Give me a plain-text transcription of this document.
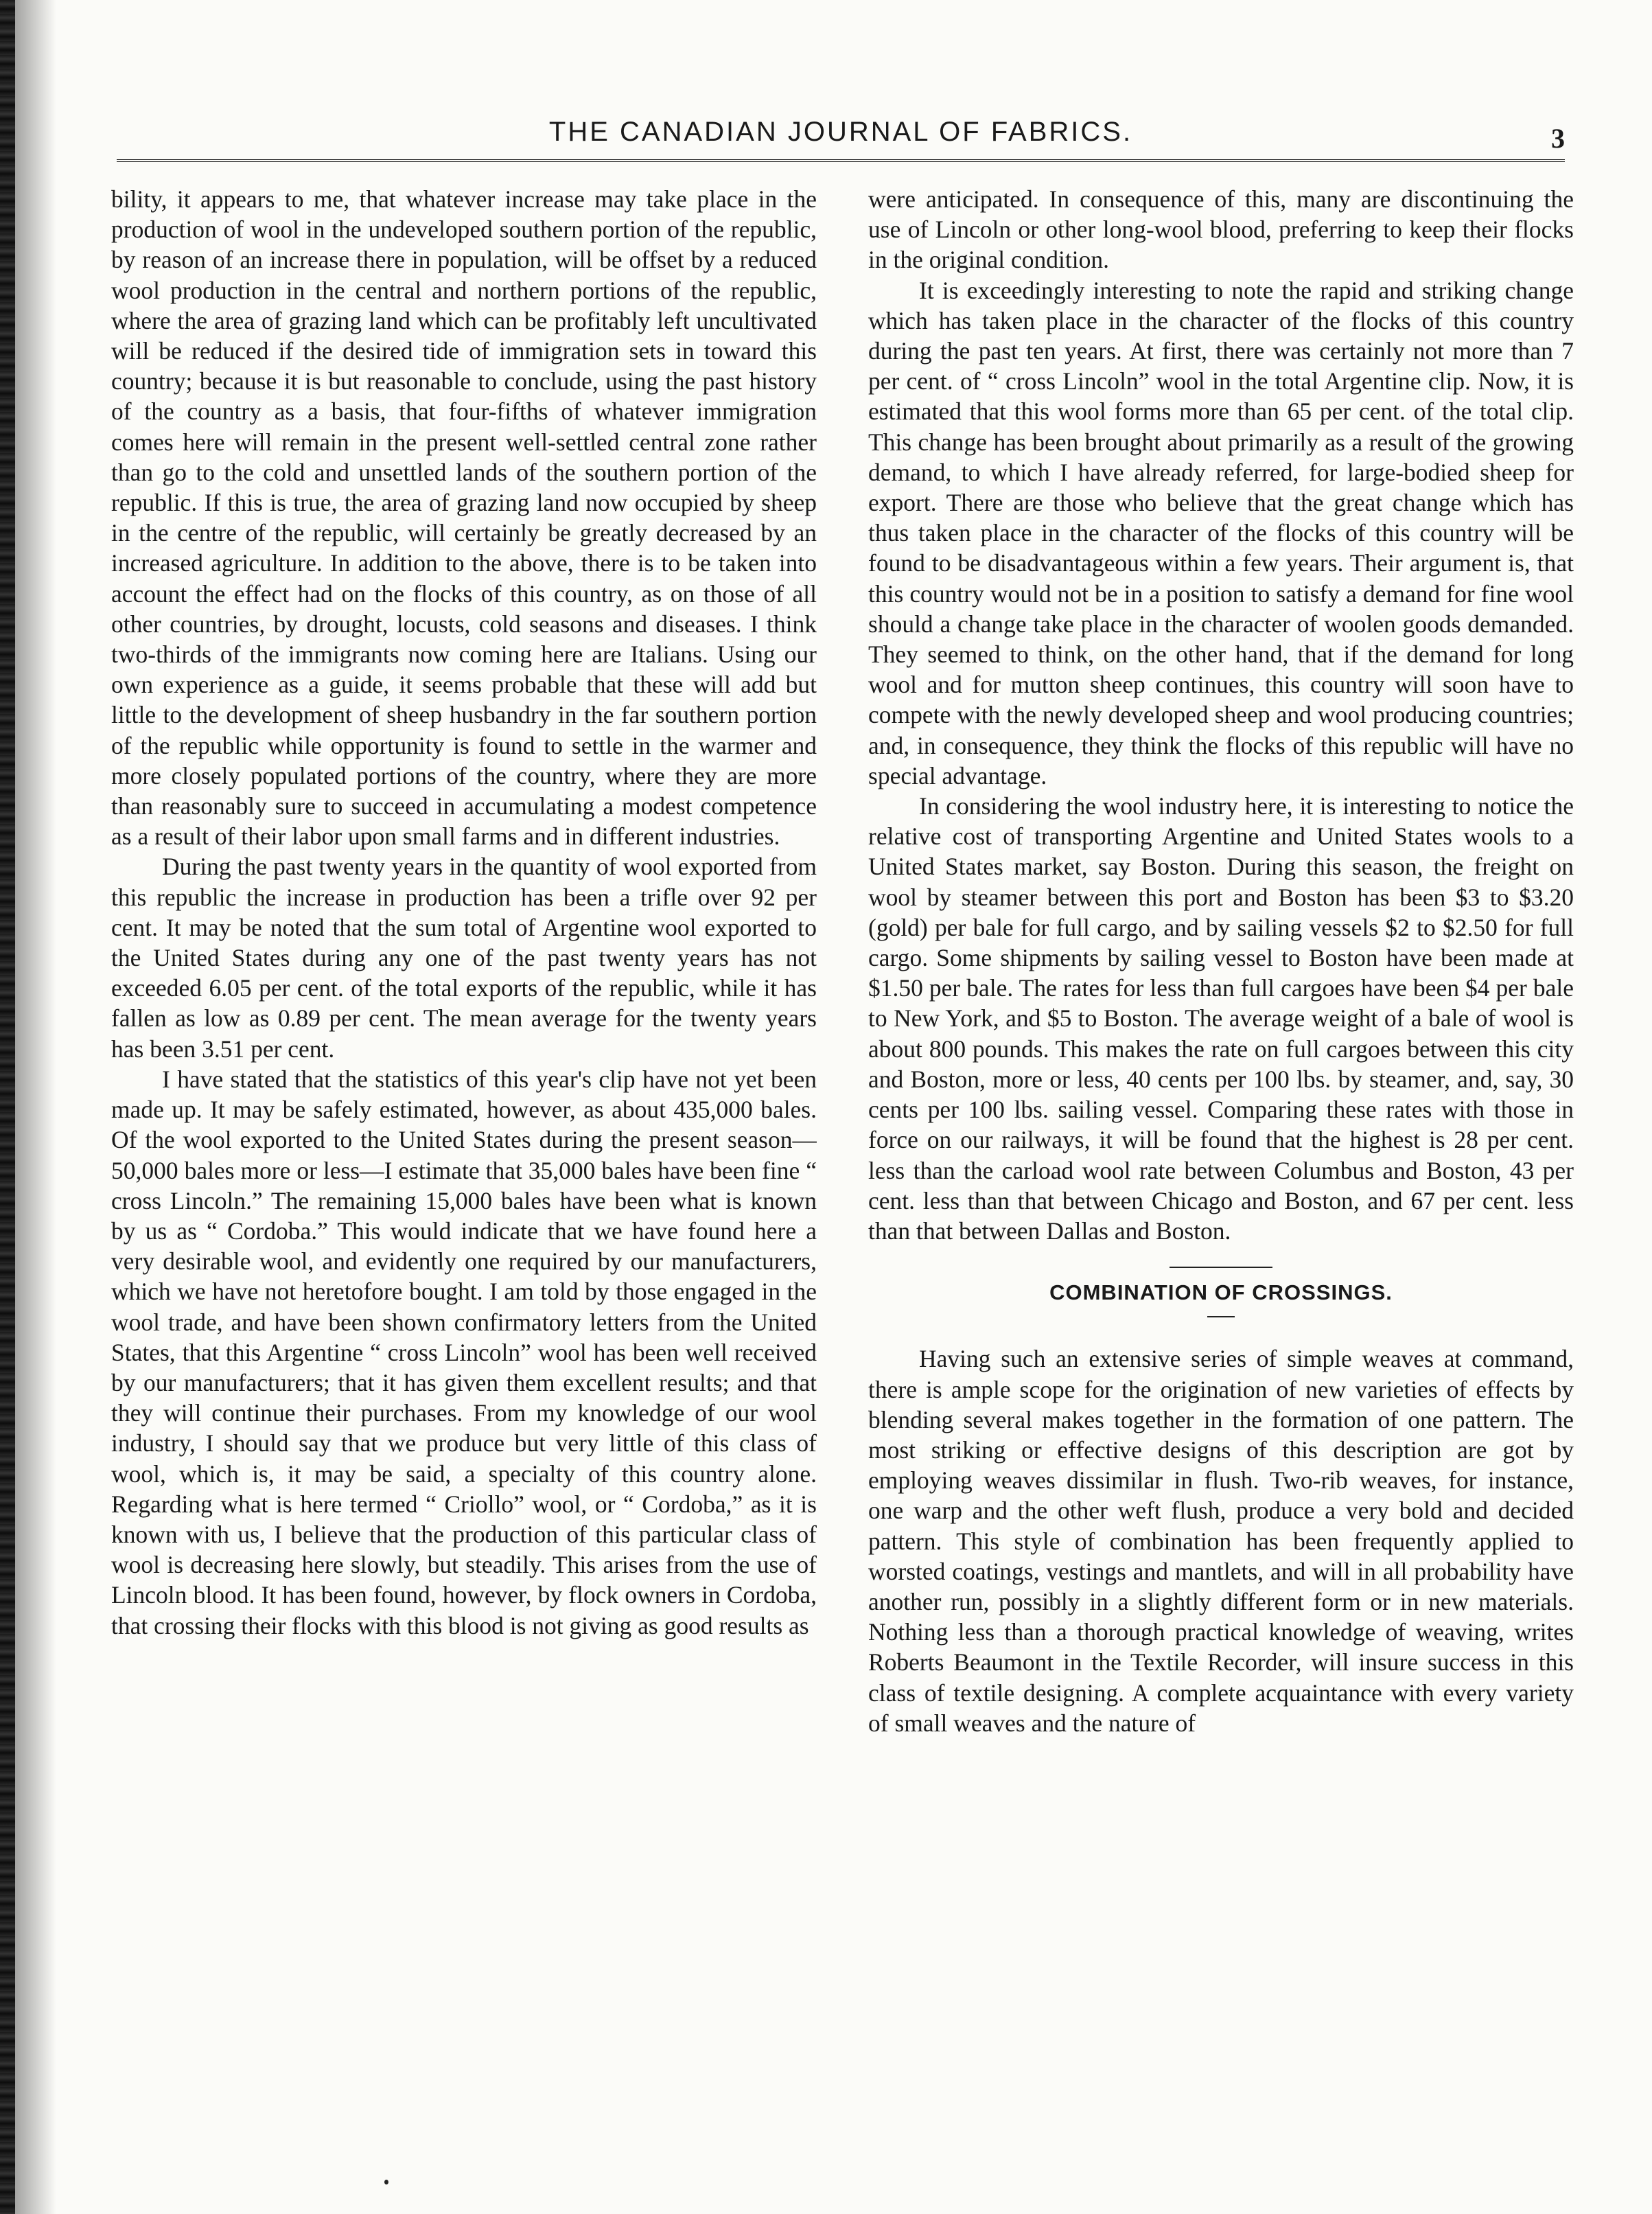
THE CANADIAN JOURNAL OF FABRICS.	3

bility, it appears to me, that whatever increase may take place in the production of wool in the undeveloped southern portion of the republic, by reason of an increase there in population, will be offset by a reduced wool production in the central and northern portions of the republic, where the area of grazing land which can be profitably left uncultivated will be reduced if the desired tide of immigration sets in toward this country; because it is but reasonable to conclude, using the past history of the country as a basis, that four-fifths of whatever immigration comes here will remain in the present well-settled central zone rather than go to the cold and unsettled lands of the southern portion of the republic. If this is true, the area of grazing land now occupied by sheep in the centre of the republic, will certainly be greatly decreased by an increased agriculture. In addition to the above, there is to be taken into account the effect had on the flocks of this country, as on those of all other countries, by drought, locusts, cold seasons and diseases. I think two-thirds of the immigrants now coming here are Italians. Using our own experience as a guide, it seems probable that these will add but little to the development of sheep husbandry in the far southern portion of the republic while opportunity is found to settle in the warmer and more closely populated portions of the country, where they are more than reasonably sure to succeed in accumulating a modest competence as a result of their labor upon small farms and in different industries.

During the past twenty years in the quantity of wool exported from this republic the increase in production has been a trifle over 92 per cent. It may be noted that the sum total of Argentine wool exported to the United States during any one of the past twenty years has not exceeded 6.05 per cent. of the total exports of the republic, while it has fallen as low as 0.89 per cent. The mean average for the twenty years has been 3.51 per cent.

I have stated that the statistics of this year's clip have not yet been made up. It may be safely estimated, however, as about 435,000 bales. Of the wool exported to the United States during the present season—50,000 bales more or less—I estimate that 35,000 bales have been fine “ cross Lincoln.” The remaining 15,000 bales have been what is known by us as “ Cordoba.” This would indicate that we have found here a very desirable wool, and evidently one required by our manufacturers, which we have not heretofore bought. I am told by those engaged in the wool trade, and have been shown confirmatory letters from the United States, that this Argentine “ cross Lincoln” wool has been well received by our manufacturers; that it has given them excellent results; and that they will continue their purchases. From my knowledge of our wool industry, I should say that we produce but very little of this class of wool, which is, it may be said, a specialty of this country alone. Regarding what is here termed “ Criollo” wool, or “ Cordoba,” as it is known with us, I believe that the production of this particular class of wool is decreasing here slowly, but steadily. This arises from the use of Lincoln blood. It has been found, however, by flock owners in Cordoba, that crossing their flocks with this blood is not giving as good results as

were anticipated. In consequence of this, many are discontinuing the use of Lincoln or other long-wool blood, preferring to keep their flocks in the original condition.

It is exceedingly interesting to note the rapid and striking change which has taken place in the character of the flocks of this country during the past ten years. At first, there was certainly not more than 7 per cent. of “ cross Lincoln” wool in the total Argentine clip. Now, it is estimated that this wool forms more than 65 per cent. of the total clip. This change has been brought about primarily as a result of the growing demand, to which I have already referred, for large-bodied sheep for export. There are those who believe that the great change which has thus taken place in the character of the flocks of this country will be found to be disadvantageous within a few years. Their argument is, that this country would not be in a position to satisfy a demand for fine wool should a change take place in the character of woolen goods demanded. They seemed to think, on the other hand, that if the demand for long wool and for mutton sheep continues, this country will soon have to compete with the newly developed sheep and wool producing countries; and, in consequence, they think the flocks of this republic will have no special advantage.

In considering the wool industry here, it is interesting to notice the relative cost of transporting Argentine and United States wools to a United States market, say Boston. During this season, the freight on wool by steamer between this port and Boston has been $3 to $3.20 (gold) per bale for full cargo, and by sailing vessels $2 to $2.50 for full cargo. Some shipments by sailing vessel to Boston have been made at $1.50 per bale. The rates for less than full cargoes have been $4 per bale to New York, and $5 to Boston. The average weight of a bale of wool is about 800 pounds. This makes the rate on full cargoes between this city and Boston, more or less, 40 cents per 100 lbs. by steamer, and, say, 30 cents per 100 lbs. sailing vessel. Comparing these rates with those in force on our railways, it will be found that the highest is 28 per cent. less than the carload wool rate between Columbus and Boston, 43 per cent. less than that between Chicago and Boston, and 67 per cent. less than that between Dallas and Boston.

COMBINATION OF CROSSINGS.

Having such an extensive series of simple weaves at command, there is ample scope for the origination of new varieties of effects by blending several makes together in the formation of one pattern. The most striking or effective designs of this description are got by employing weaves dissimilar in flush. Two-rib weaves, for instance, one warp and the other weft flush, produce a very bold and decided pattern. This style of combination has been frequently applied to worsted coatings, vestings and mantlets, and will in all probability have another run, possibly in a slightly different form or in new materials. Nothing less than a thorough practical knowledge of weaving, writes Roberts Beaumont in the Textile Recorder, will insure success in this class of textile designing. A complete acquaintance with every variety of small weaves and the nature of
